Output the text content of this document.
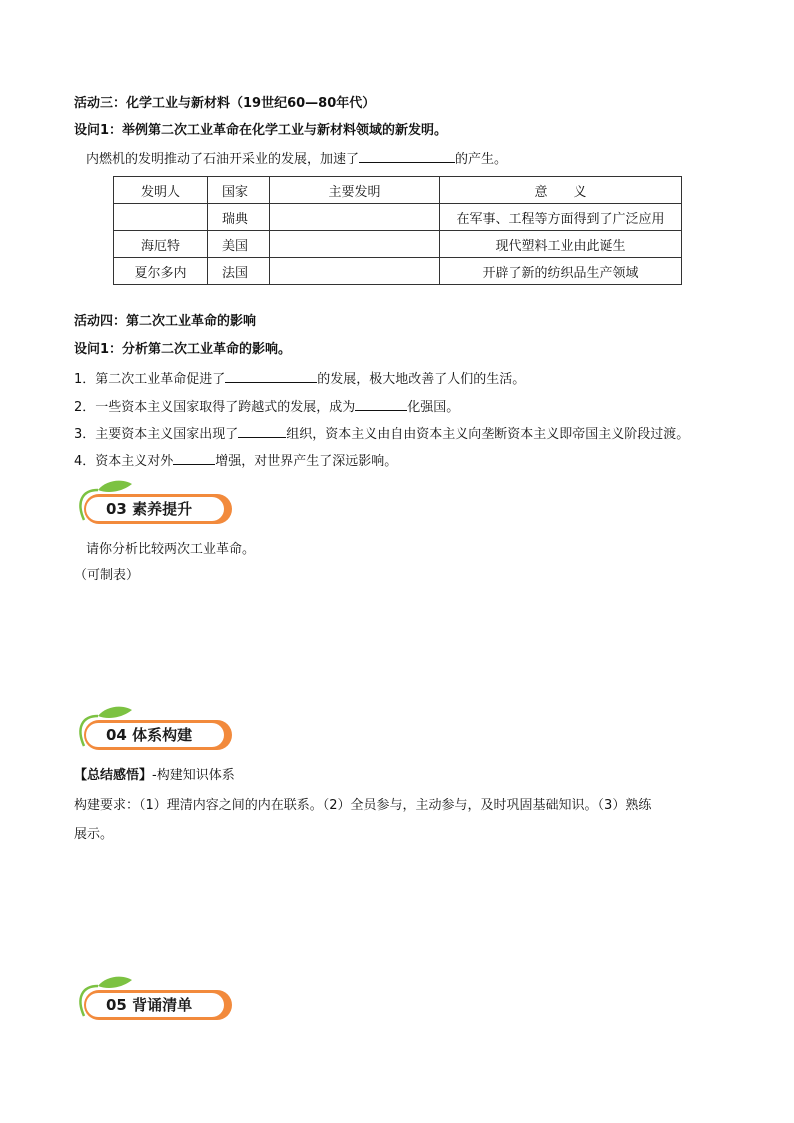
活动三：化学工业与新材料（19世纪60—80年代）
设问1：举例第二次工业革命在化学工业与新材料领域的新发明。
内燃机的发明推动了石油开采业的发展，加速了	的产生。
发明人	国家	主要发明	意　　义
	瑞典		在军事、工程等方面得到了广泛应用
海厄特	美国		现代塑料工业由此诞生
夏尔多内	法国		开辟了新的纺织品生产领域
活动四：第二次工业革命的影响
设问1：分析第二次工业革命的影响。
1．第二次工业革命促进了	的发展，极大地改善了人们的生活。
2．一些资本主义国家取得了跨越式的发展，成为	化强国。
3．主要资本主义国家出现了	组织，资本主义由自由资本主义向垄断资本主义即帝国主义阶段过渡。
4．资本主义对外	增强，对世界产生了深远影响。
03 素养提升
请你分析比较两次工业革命。
（可制表）
04 体系构建
【总结感悟】-构建知识体系
构建要求：（1）理清内容之间的内在联系。（2）全员参与，主动参与，及时巩固基础知识。（3）熟练
展示。
05 背诵清单
